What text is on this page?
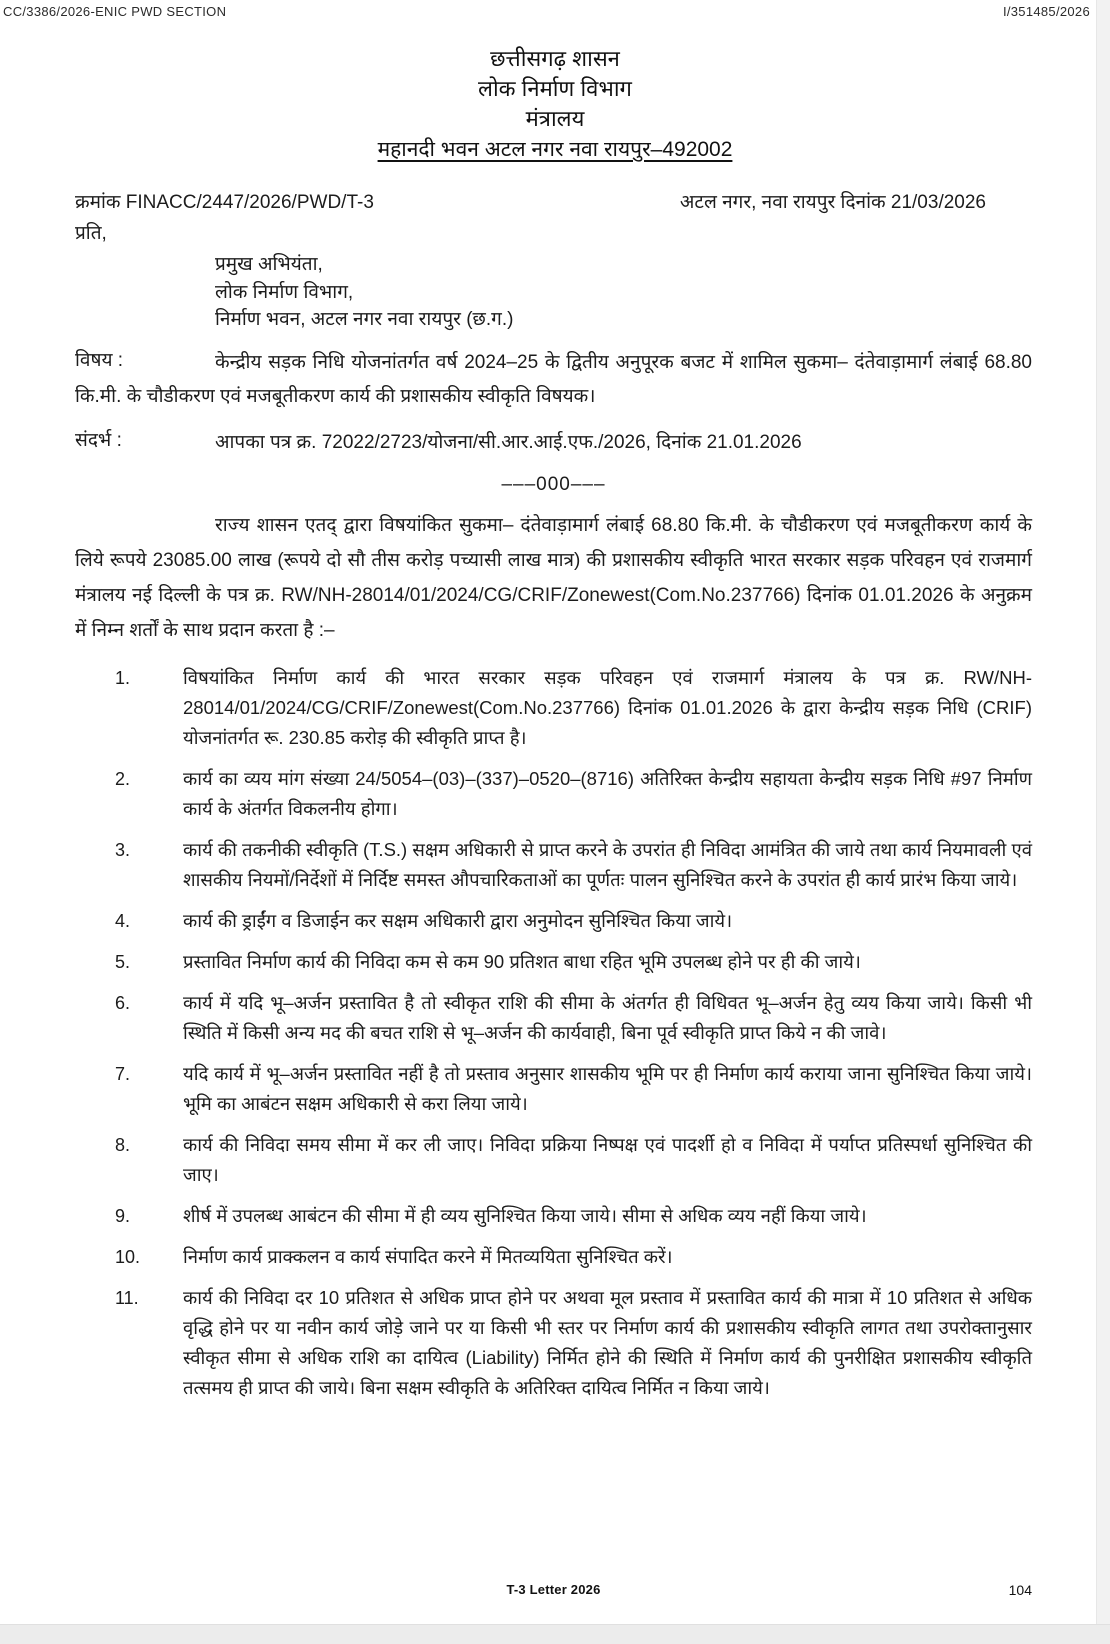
CC/3386/2026-ENIC PWD SECTION	I/351485/2026
छत्तीसगढ़ शासन
लोक निर्माण विभाग
मंत्रालय
महानदी भवन अटल नगर नवा रायपुर–492002
क्रमांक FINACC/2447/2026/PWD/T-3	अटल नगर, नवा रायपुर दिनांक 21/03/2026
प्रति,
प्रमुख अभियंता,
लोक निर्माण विभाग,
निर्माण भवन, अटल नगर नवा रायपुर (छ.ग.)
विषय :	केन्द्रीय सड़क निधि योजनांतर्गत वर्ष 2024–25 के द्वितीय अनुपूरक बजट में शामिल सुकमा– दंतेवाड़ामार्ग लंबाई 68.80 कि.मी. के चौडीकरण एवं मजबूतीकरण कार्य की प्रशासकीय स्वीकृति विषयक।

संदर्भ :	आपका पत्र क्र. 72022/2723/योजना/सी.आर.आई.एफ./2026, दिनांक 21.01.2026

–––000–––

राज्य शासन एतद् द्वारा विषयांकित सुकमा– दंतेवाड़ामार्ग लंबाई 68.80 कि.मी. के चौडीकरण एवं मजबूतीकरण कार्य के लिये रूपये 23085.00 लाख (रूपये दो सौ तीस करोड़ पच्यासी लाख मात्र) की प्रशासकीय स्वीकृति भारत सरकार सड़क परिवहन एवं राजमार्ग मंत्रालय नई दिल्ली के पत्र क्र. RW/NH-28014/01/2024/CG/CRIF/Zonewest(Com.No.237766) दिनांक 01.01.2026 के अनुक्रम में निम्न शर्तों के साथ प्रदान करता है :–

1.	विषयांकित निर्माण कार्य की भारत सरकार सड़क परिवहन एवं राजमार्ग मंत्रालय के पत्र क्र. RW/NH-28014/01/2024/CG/CRIF/Zonewest(Com.No.237766) दिनांक 01.01.2026 के द्वारा केन्द्रीय सड़क निधि (CRIF) योजनांतर्गत रू. 230.85 करोड़ की स्वीकृति प्राप्त है।
2.	कार्य का व्यय मांग संख्या 24/5054–(03)–(337)–0520–(8716) अतिरिक्त केन्द्रीय सहायता केन्द्रीय सड़क निधि #97 निर्माण कार्य के अंतर्गत विकलनीय होगा।
3.	कार्य की तकनीकी स्वीकृति (T.S.) सक्षम अधिकारी से प्राप्त करने के उपरांत ही निविदा आमंत्रित की जाये तथा कार्य नियमावली एवं शासकीय नियमों/निर्देशों में निर्दिष्ट समस्त औपचारिकताओं का पूर्णतः पालन सुनिश्चित करने के उपरांत ही कार्य प्रारंभ किया जाये।
4.	कार्य की ड्राईंग व डिजाईन कर सक्षम अधिकारी द्वारा अनुमोदन सुनिश्चित किया जाये।
5.	प्रस्तावित निर्माण कार्य की निविदा कम से कम 90 प्रतिशत बाधा रहित भूमि उपलब्ध होने पर ही की जाये।
6.	कार्य में यदि भू–अर्जन प्रस्तावित है तो स्वीकृत राशि की सीमा के अंतर्गत ही विधिवत भू–अर्जन हेतु व्यय किया जाये। किसी भी स्थिति में किसी अन्य मद की बचत राशि से भू–अर्जन की कार्यवाही, बिना पूर्व स्वीकृति प्राप्त किये न की जावे।
7.	यदि कार्य में भू–अर्जन प्रस्तावित नहीं है तो प्रस्ताव अनुसार शासकीय भूमि पर ही निर्माण कार्य कराया जाना सुनिश्चित किया जाये। भूमि का आबंटन सक्षम अधिकारी से करा लिया जाये।
8.	कार्य की निविदा समय सीमा में कर ली जाए। निविदा प्रक्रिया निष्पक्ष एवं पादर्शी हो व निविदा में पर्याप्त प्रतिस्पर्धा सुनिश्चित की जाए।
9.	शीर्ष में उपलब्ध आबंटन की सीमा में ही व्यय सुनिश्चित किया जाये। सीमा से अधिक व्यय नहीं किया जाये।
10. निर्माण कार्य प्राक्कलन व कार्य संपादित करने में मितव्ययिता सुनिश्चित करें।
11. कार्य की निविदा दर 10 प्रतिशत से अधिक प्राप्त होने पर अथवा मूल प्रस्ताव में प्रस्तावित कार्य की मात्रा में 10 प्रतिशत से अधिक वृद्धि होने पर या नवीन कार्य जोड़े जाने पर या किसी भी स्तर पर निर्माण कार्य की प्रशासकीय स्वीकृति लागत तथा उपरोक्तानुसार स्वीकृत सीमा से अधिक राशि का दायित्व (Liability) निर्मित होने की स्थिति में निर्माण कार्य की पुनरीक्षित प्रशासकीय स्वीकृति तत्समय ही प्राप्त की जाये। बिना सक्षम स्वीकृति के अतिरिक्त दायित्व निर्मित न किया जाये।
T-3 Letter 2026	104
